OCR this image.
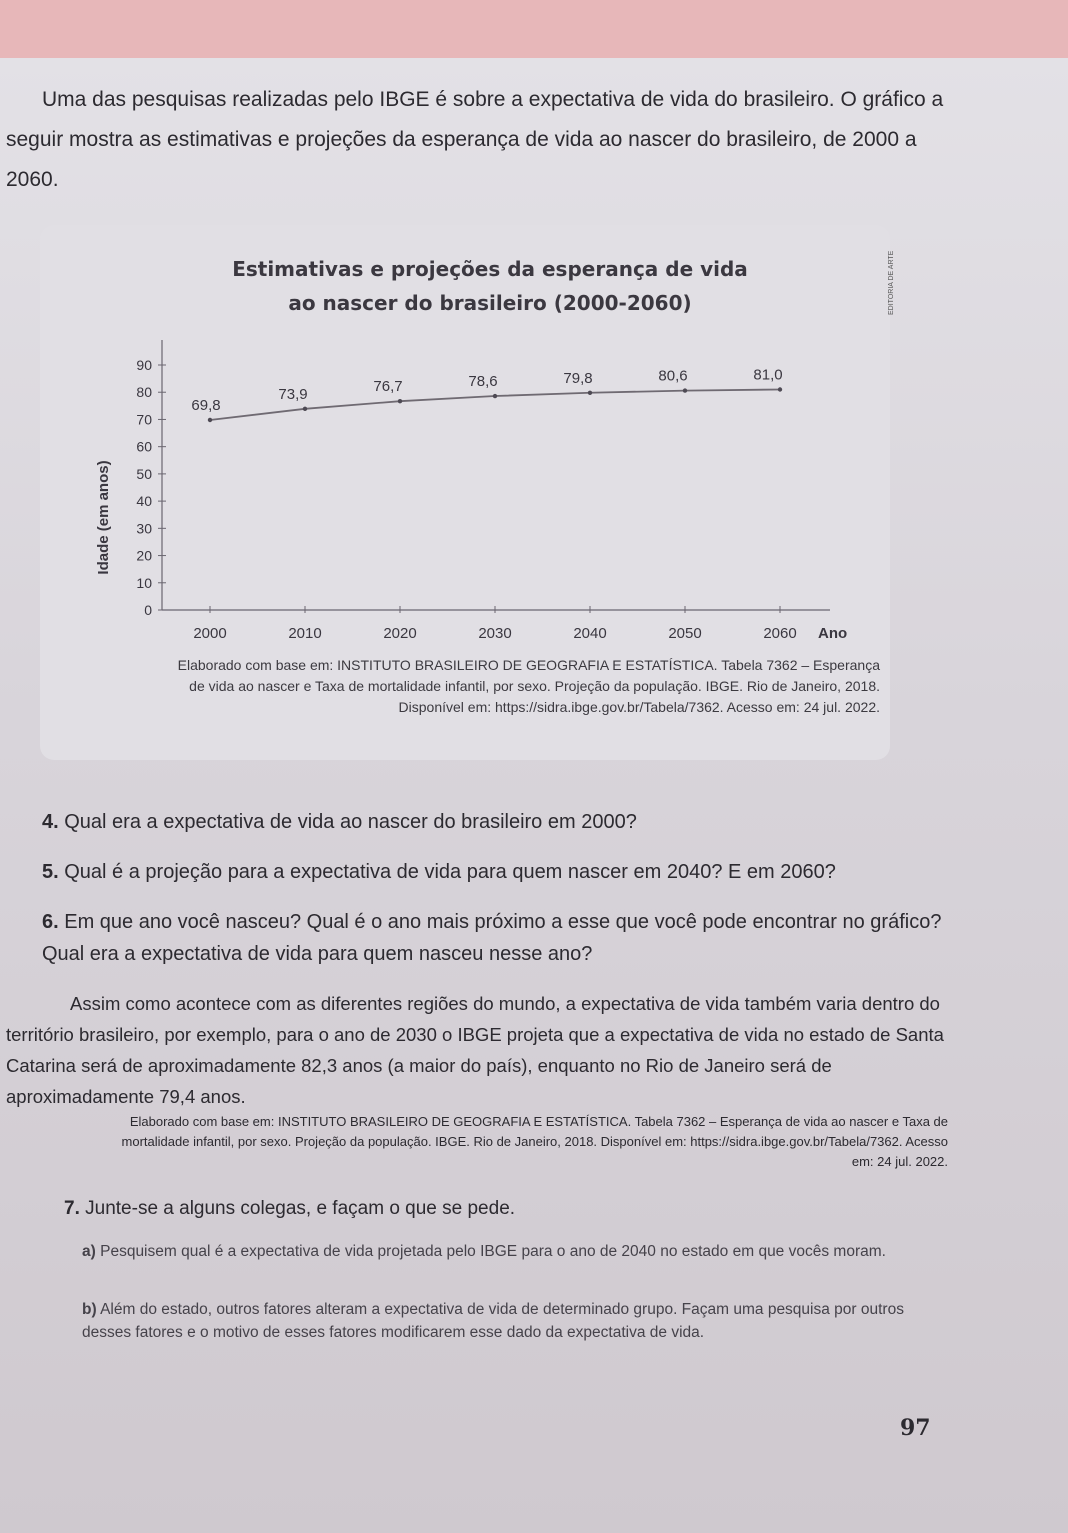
Uma das pesquisas realizadas pelo IBGE é sobre a expectativa de vida do brasileiro. O gráfico a seguir mostra as estimativas e projeções da esperança de vida ao nascer do brasileiro, de 2000 a 2060.

Estimativas e projeções da esperança de vida
ao nascer do brasileiro (2000-2060)	EDITORIA DE ARTE
0
10
20
30
40
50
60
70
80
90
Idade (em anos)
2000	2010	2020	2030	2040	2050	2060 Ano
69,8
73,9	76,7	78,6	79,8	80,6	81,0

Elaborado com base em: INSTITUTO BRASILEIRO DE GEOGRAFIA E ESTATÍSTICA. Tabela 7362 – Esperança de vida ao nascer e Taxa de mortalidade infantil, por sexo. Projeção da população. IBGE. Rio de Janeiro, 2018. Disponível em: https://sidra.ibge.gov.br/Tabela/7362. Acesso em: 24 jul. 2022.

4. Qual era a expectativa de vida ao nascer do brasileiro em 2000?

5. Qual é a projeção para a expectativa de vida para quem nascer em 2040? E em 2060?

6. Em que ano você nasceu? Qual é o ano mais próximo a esse que você pode encontrar no gráfico? Qual era a expectativa de vida para quem nasceu nesse ano?

Assim como acontece com as diferentes regiões do mundo, a expectativa de vida também varia dentro do território brasileiro, por exemplo, para o ano de 2030 o IBGE projeta que a expectativa de vida no estado de Santa Catarina será de aproximadamente 82,3 anos (a maior do país), enquanto no Rio de Janeiro será de aproximadamente 79,4 anos.

Elaborado com base em: INSTITUTO BRASILEIRO DE GEOGRAFIA E ESTATÍSTICA. Tabela 7362 – Esperança de vida ao nascer e Taxa de mortalidade infantil, por sexo. Projeção da população. IBGE. Rio de Janeiro, 2018. Disponível em: https://sidra.ibge.gov.br/Tabela/7362. Acesso em: 24 jul. 2022.

7. Junte-se a alguns colegas, e façam o que se pede.

a) Pesquisem qual é a expectativa de vida projetada pelo IBGE para o ano de 2040 no estado em que vocês moram.

b) Além do estado, outros fatores alteram a expectativa de vida de determinado grupo. Façam uma pesquisa por outros desses fatores e o motivo de esses fatores modificarem esse dado da expectativa de vida.

97
